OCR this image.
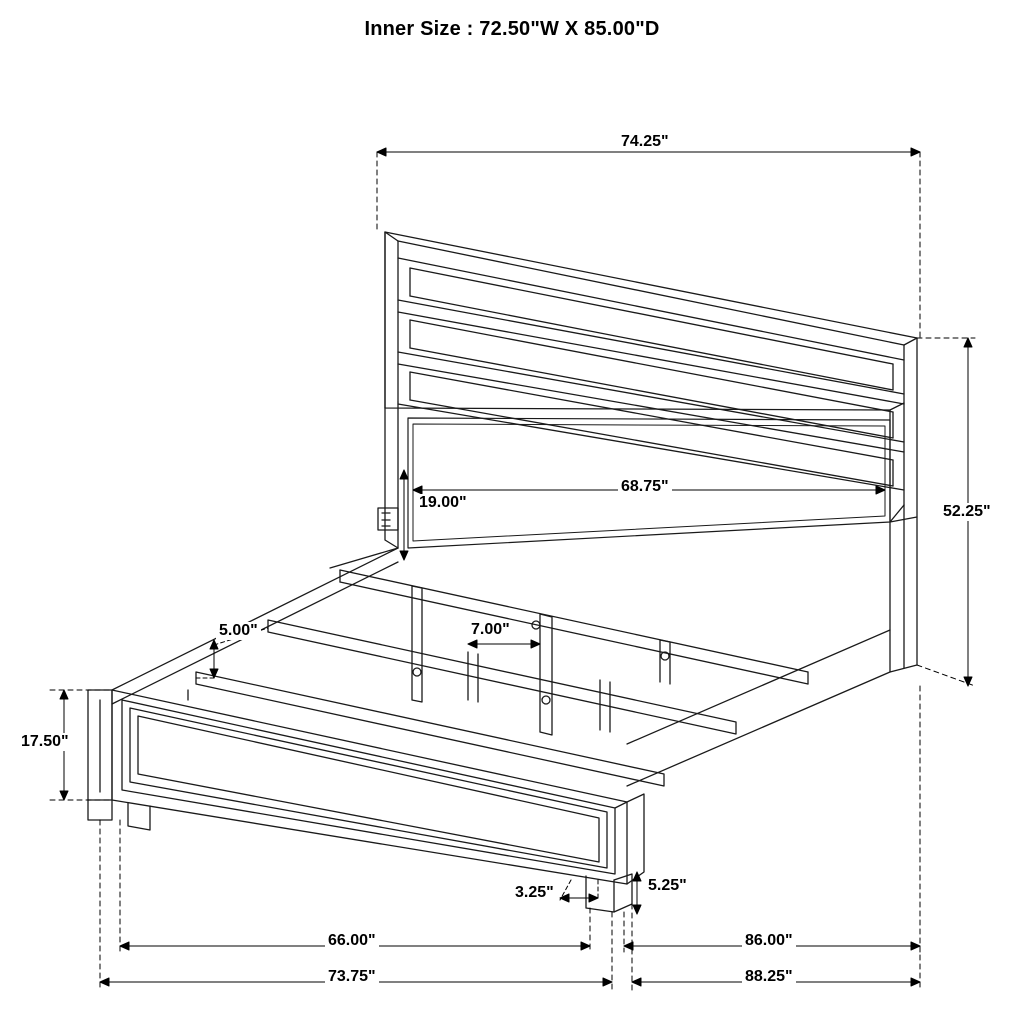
Inner Size : 72.50"W X 85.00"D
74.25"
68.75"
52.25"
19.00"
5.00"	7.00"
17.50"
3.25"	5.25"
66.00"	86.00"
73.75"	88.25"
